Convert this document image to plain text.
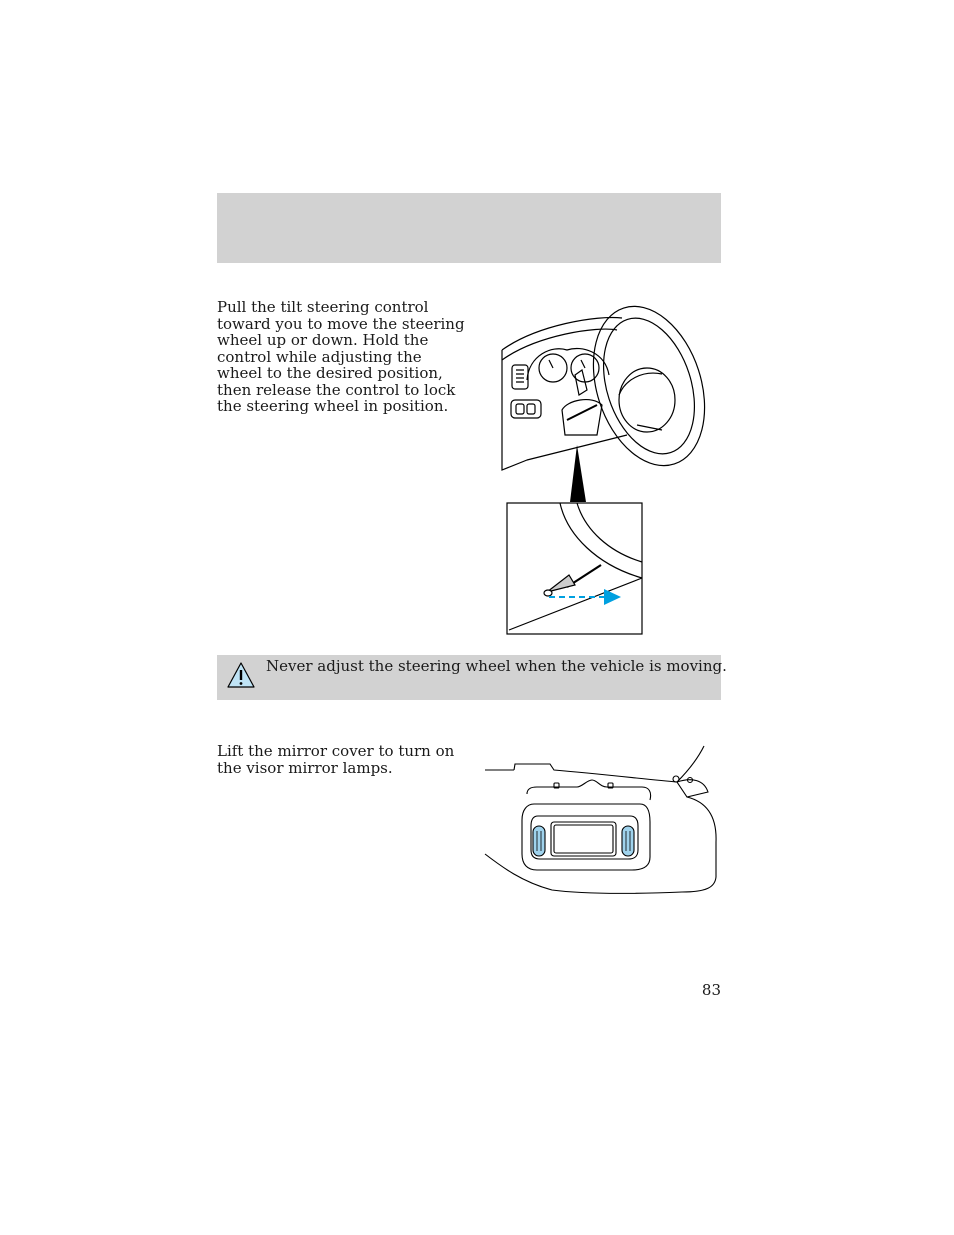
Pull the tilt steering control toward you to move the steering wheel up or down. Hold the control while adjusting the wheel to the desired position, then release the control to lock the steering wheel in position.

Never adjust the steering wheel when the vehicle is moving.

Lift the mirror cover to turn on the visor mirror lamps.

83
